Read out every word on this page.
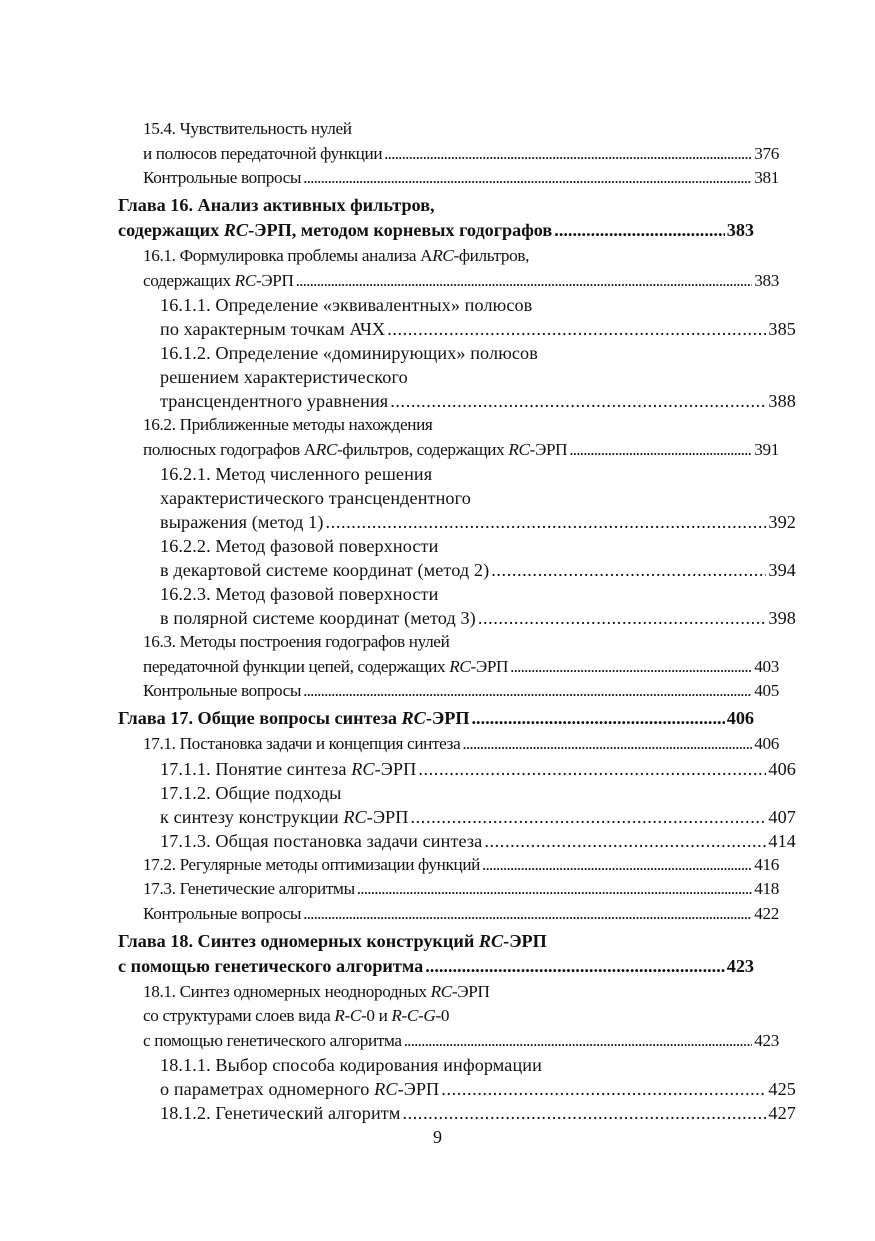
15.4. Чувствительность нулей
и полюсов передаточной функции .....	376
Контрольные вопросы .....	381
Глава 16. Анализ активных фильтров,
содержащих RC-ЭРП, методом корневых годографов .....	383
16.1. Формулировка проблемы анализа АRC-фильтров,
содержащих RC-ЭРП .....	383
16.1.1. Определение «эквивалентных» полюсов
по характерным точкам АЧХ .....	385
16.1.2. Определение «доминирующих» полюсов
решением характеристического
трансцендентного уравнения .....	388
16.2. Приближенные методы нахождения
полюсных годографов АRC-фильтров, содержащих RC-ЭРП .....	391
16.2.1. Метод численного решения
характеристического трансцендентного
выражения (метод 1) .....	392
16.2.2. Метод фазовой поверхности
в декартовой системе координат (метод 2) .....	394
16.2.3. Метод фазовой поверхности
в полярной системе координат (метод 3) .....	398
16.3. Методы построения годографов нулей
передаточной функции цепей, содержащих RC-ЭРП .....	403
Контрольные вопросы .....	405
Глава 17. Общие вопросы синтеза RC-ЭРП .....	406
17.1. Постановка задачи и концепция синтеза .....	406
17.1.1. Понятие синтеза RC-ЭРП .....	406
17.1.2. Общие подходы
к синтезу конструкции RC-ЭРП .....	407
17.1.3. Общая постановка задачи синтеза .....	414
17.2. Регулярные методы оптимизации функций .....	416
17.3. Генетические алгоритмы .....	418
Контрольные вопросы .....	422
Глава 18. Синтез одномерных конструкций RC-ЭРП
с помощью генетического алгоритма .....	423
18.1. Синтез одномерных неоднородных RC-ЭРП
со структурами слоев вида R-C-0 и R-C-G-0
с помощью генетического алгоритма .....	423
18.1.1. Выбор способа кодирования информации
о параметрах одномерного RC-ЭРП .....	425
18.1.2. Генетический алгоритм .....	427
9
